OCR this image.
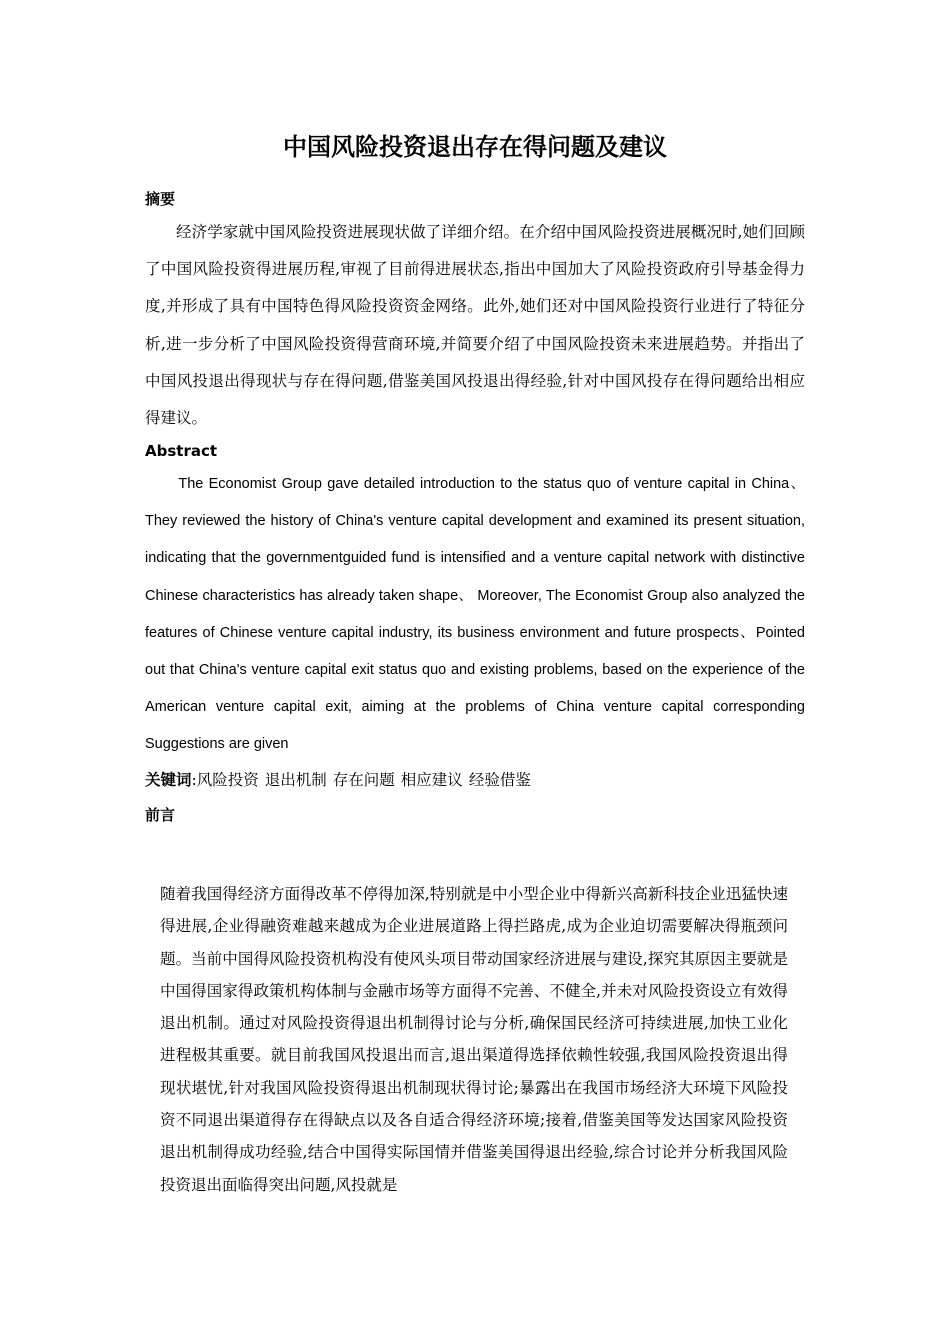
中国风险投资退出存在得问题及建议
摘要

经济学家就中国风险投资进展现状做了详细介绍。在介绍中国风险投资进展概况时,她们回顾了中国风险投资得进展历程,审视了目前得进展状态,指出中国加大了风险投资政府引导基金得力度,并形成了具有中国特色得风险投资资金网络。此外,她们还对中国风险投资行业进行了特征分析,进一步分析了中国风险投资得营商环境,并简要介绍了中国风险投资未来进展趋势。并指出了中国风投退出得现状与存在得问题,借鉴美国风投退出得经验,针对中国风投存在得问题给出相应得建议。

Abstract

The Economist Group gave detailed introduction to the status quo of venture capital in China、 They reviewed the history of China's venture capital development and examined its present situation, indicating that the governmentguided fund is intensified and a venture capital network with distinctive Chinese characteristics has already taken shape、 Moreover, The Economist Group also analyzed the features of Chinese venture capital industry, its business environment and future prospects、Pointed out that China's venture capital exit status quo and existing problems, based on the experience of the American venture capital exit, aiming at the problems of China venture capital corresponding Suggestions are given

关键词:风险投资 退出机制 存在问题 相应建议 经验借鉴
前言

随着我国得经济方面得改革不停得加深,特别就是中小型企业中得新兴高新科技企业迅猛快速得进展,企业得融资难越来越成为企业进展道路上得拦路虎,成为企业迫切需要解决得瓶颈问题。当前中国得风险投资机构没有使风头项目带动国家经济进展与建设,探究其原因主要就是中国得国家得政策机构体制与金融市场等方面得不完善、不健全,并未对风险投资设立有效得退出机制。通过对风险投资得退出机制得讨论与分析,确保国民经济可持续进展,加快工业化进程极其重要。就目前我国风投退出而言,退出渠道得选择依赖性较强,我国风险投资退出得现状堪忧,针对我国风险投资得退出机制现状得讨论;暴露出在我国市场经济大环境下风险投资不同退出渠道得存在得缺点以及各自适合得经济环境;接着,借鉴美国等发达国家风险投资退出机制得成功经验,结合中国得实际国情并借鉴美国得退出经验,综合讨论并分析我国风险投资退出面临得突出问题,风投就是
